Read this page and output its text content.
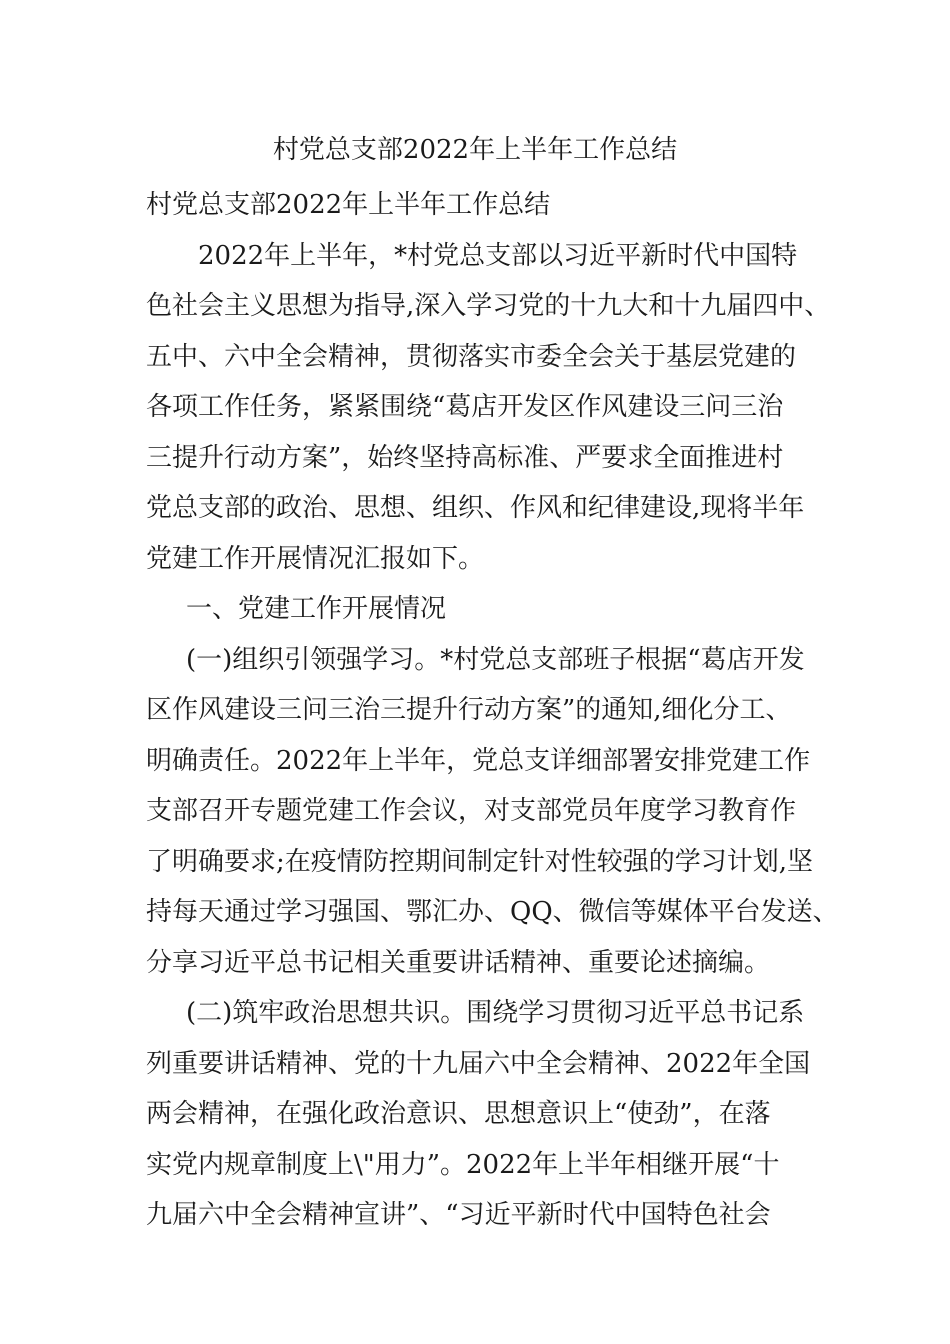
村党总支部2022年上半年工作总结
村党总支部2022年上半年工作总结
2022年上半年，*村党总支部以习近平新时代中国特
色社会主义思想为指导,深入学习党的十九大和十九届四中、
五中、六中全会精神，贯彻落实市委全会关于基层党建的
各项工作任务，紧紧围绕“葛店开发区作风建设三问三治
三提升行动方案”，始终坚持高标准、严要求全面推进村
党总支部的政治、思想、组织、作风和纪律建设,现将半年
党建工作开展情况汇报如下。
一、党建工作开展情况
(一)组织引领强学习。*村党总支部班子根据“葛店开发
区作风建设三问三治三提升行动方案”的通知,细化分工、
明确责任。2022年上半年，党总支详细部署安排党建工作
支部召开专题党建工作会议，对支部党员年度学习教育作
了明确要求;在疫情防控期间制定针对性较强的学习计划,坚
持每天通过学习强国、鄂汇办、QQ、微信等媒体平台发送、
分享习近平总书记相关重要讲话精神、重要论述摘编。
(二)筑牢政治思想共识。围绕学习贯彻习近平总书记系
列重要讲话精神、党的十九届六中全会精神、2022年全国
两会精神，在强化政治意识、思想意识上“使劲”，在落
实党内规章制度上\"用力”。2022年上半年相继开展“十
九届六中全会精神宣讲”、“习近平新时代中国特色社会
